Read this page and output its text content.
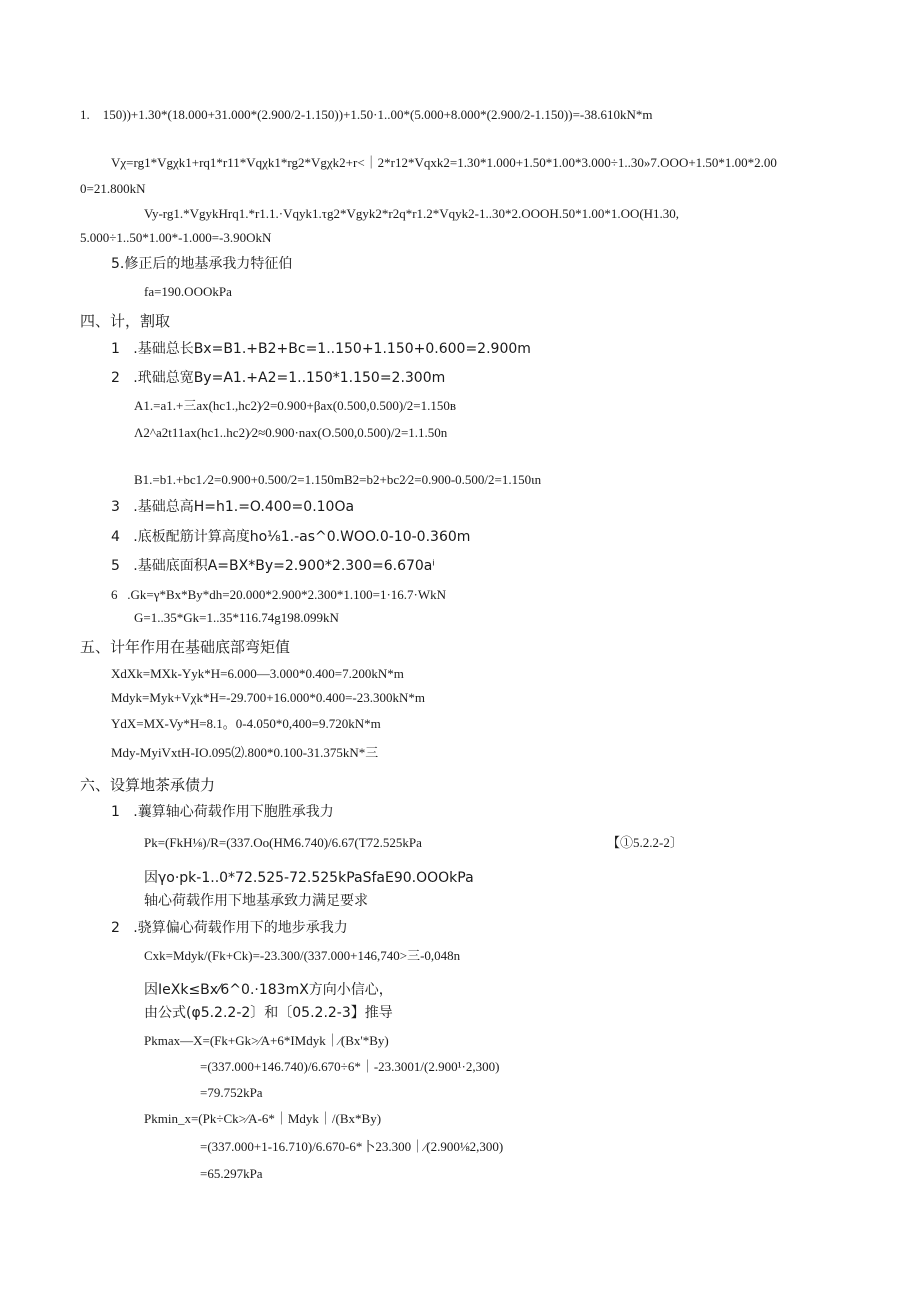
1.    150))+1.30*(18.000+31.000*(2.900/2-1.150))+1.50·1..00*(5.000+8.000*(2.900/2-1.150))=-38.610kN*m
Vχ=rg1*Vgχk1+rq1*r11*Vqχk1*rg2*Vgχk2+r<｜2*r12*Vqxk2=1.30*1.000+1.50*1.00*3.000÷1..30»7.OOO+1.50*1.00*2.00
0=21.800kN
Vy-rg1.*VgykHrq1.*r1.1.·Vqyk1.τg2*Vgyk2*r2q*r1.2*Vqyk2-1..30*2.OOOH.50*1.00*1.OO(H1.30,
5.000÷1..50*1.00*-1.000=-3.90OkN
5.修正后的地基承我力特征伯
fa=190.OOOkPa
四、计，割取
1   .基础总长Bx=B1.+B2+Bc=1..150+1.150+0.600=2.900m
2   .玳础总宽By=A1.+A2=1..150*1.150=2.300m
A1.=a1.+三ax(hc1.,hc2)⁄2=0.900+βax(0.500,0.500)/2=1.150в
Λ2^a2t11ax(hc1..hc2)⁄2≈0.900·nax(O.500,0.500)/2=1.1.50n
B1.=b1.+bc1.⁄2=0.900+0.500/2=1.150mB2=b2+bc2⁄2=0.900-0.500/2=1.150ιn
3   .基础总高H=h1.=O.400=0.10Oa
4   .底板配筋计算高度ho⅛1.-as^0.WOO.0-10-0.360m
5   .基础底面积A=BX*By=2.900*2.300=6.670aⁱ
6   .Gk=γ*Bx*By*dh=20.000*2.900*2.300*1.100=1·16.7·WkN
G=1..35*Gk=1..35*116.74g198.099kN
五、计年作用在基础底部弯矩值
XdXk=MXk-Yyk*H=6.000—3.000*0.400=7.200kN*m
Mdyk=Myk+Vχk*H=-29.700+16.000*0.400=-23.300kN*m
YdX=MX-Vy*H=8.1。0-4.050*0,400=9.720kN*m
Mdy-MyiVxtH-IO.095⑵.800*0.100-31.375kN*三
六、设算地茶承债力
1   .蘘算轴心荷载作用下胞胜承我力
Pk=(FkH⅛)/R=(337.Oo(HM6.740)/6.67(T72.525kPa	【①5.2.2-2〕
因γo·pk-1..0*72.525-72.525kPaSfaE90.OOOkPa
轴心荷载作用下地基承致力满足要求
2   .骁算偏心荷载作用下的地步承我力
Cxk=Mdyk/(Fk+Ck)=-23.300/(337.000+146,740>三-0,048n
因IeXk≤Bx⁄6^0.·183mX方向小信心，
由公式(φ5.2.2-2〕和〔05.2.2-3】推导
Pkmax—X=(Fk+Gk>⁄A+6*IMdyk｜⁄(Bx'*By)
=(337.000+146.740)/6.670÷6*｜-23.3001/(2.900¹·2,300)
=79.752kPa
Pkmin_x=(Pk÷Ck>⁄A-6*｜Mdyk｜/(Bx*By)
=(337.000+1-16.710)/6.670-6*卜23.300｜⁄(2.900⅛2,300)
=65.297kPa
